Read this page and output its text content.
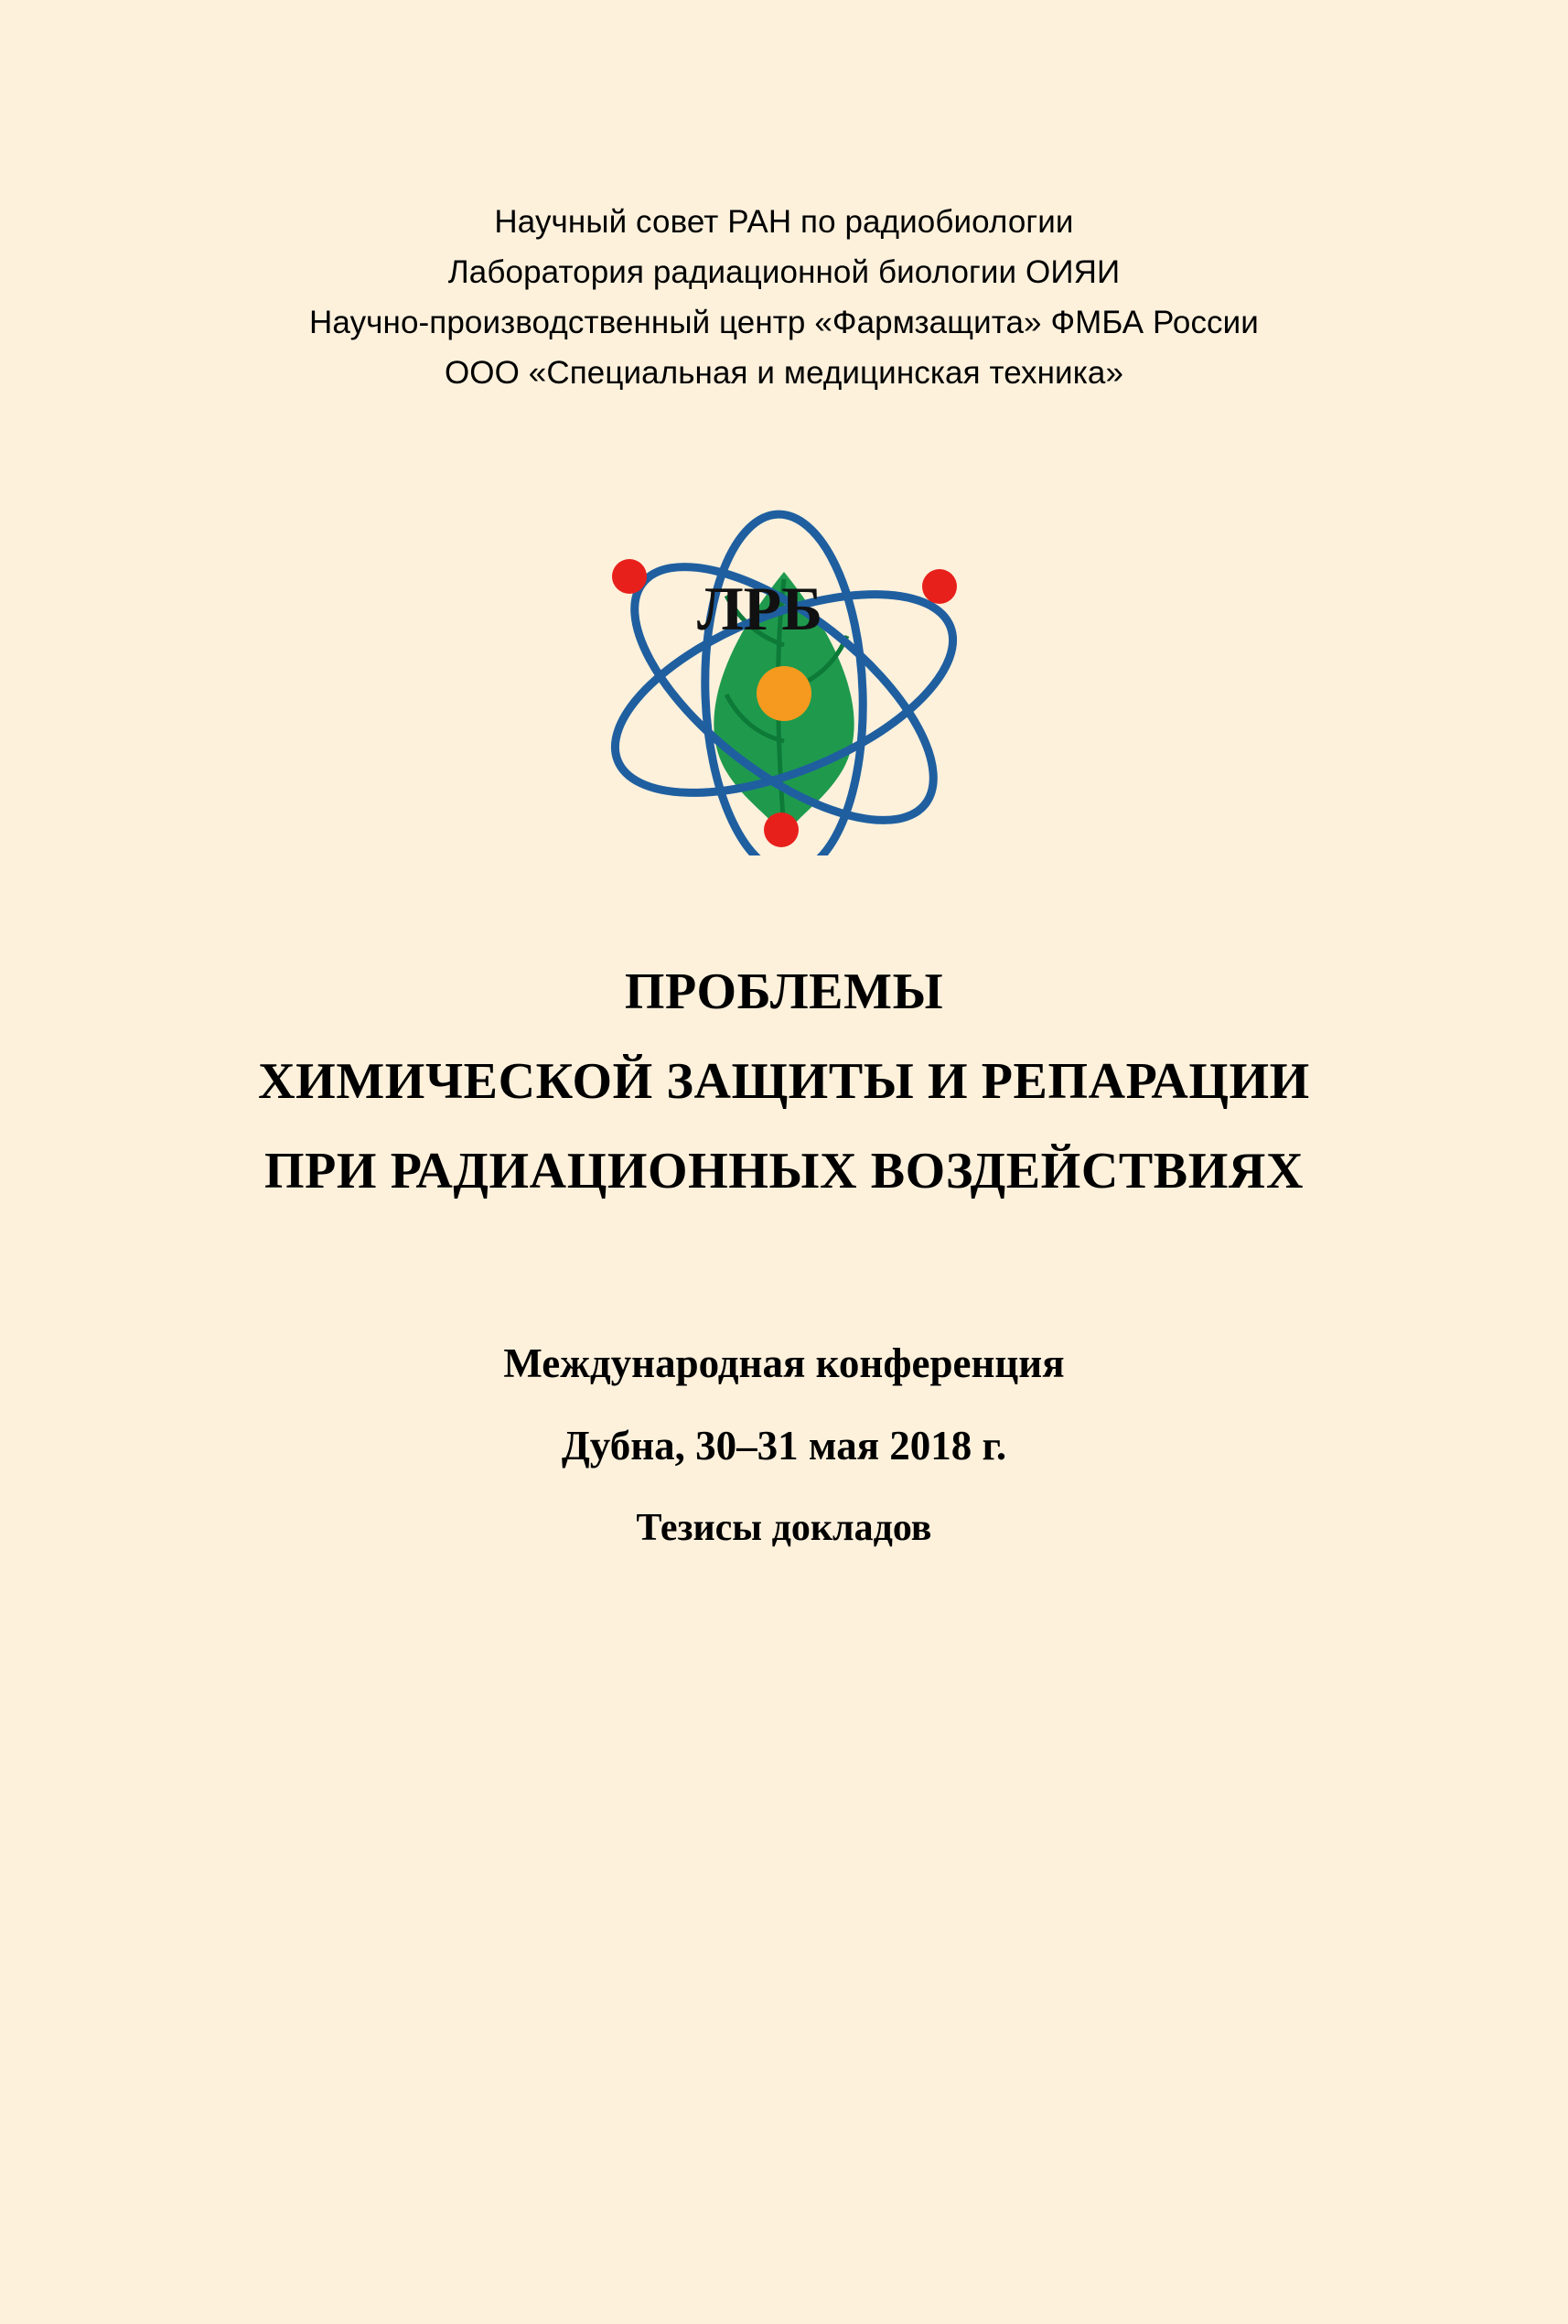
Научный совет РАН по радиобиологии
Лаборатория радиационной биологии ОИЯИ
Научно-производственный центр «Фармзащита» ФМБА России
ООО «Специальная и медицинская техника»
ЛРБ
ПРОБЛЕМЫ
ХИМИЧЕСКОЙ ЗАЩИТЫ И РЕПАРАЦИИ
ПРИ РАДИАЦИОННЫХ ВОЗДЕЙСТВИЯХ
Международная конференция
Дубна, 30–31 мая 2018 г.
Тезисы докладов
